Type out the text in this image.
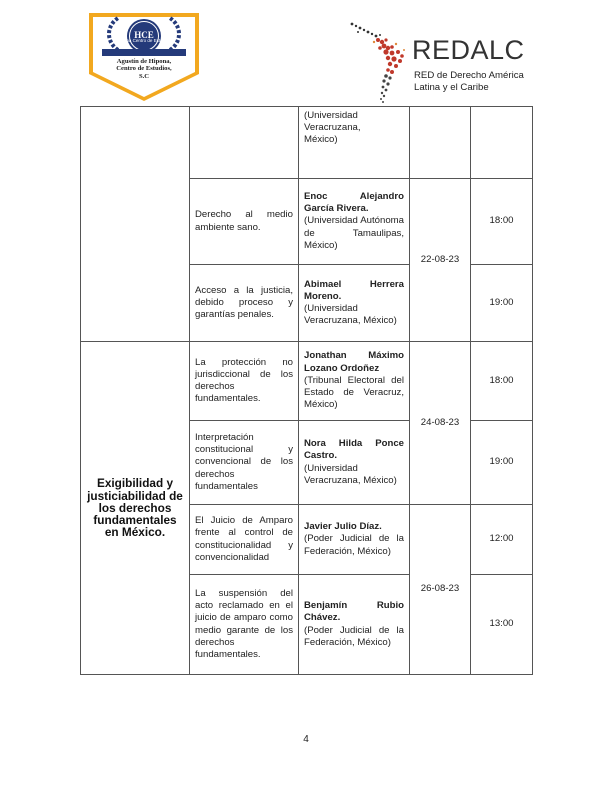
HCE
Hipona Centro de Estudios
Agustín de Hipona,
Centro de Estudios,
S.C
REDALC
RED de Derecho América
Latina y el Caribe

		(Universidad
Veracruzana,
México)		

	Derecho al medio ambiente sano.	Enoc Alejandro García Rivera.
(Universidad Autónoma de Tamaulipas, México)	22-08-23	18:00
	Acceso a la justicia, debido proceso y garantías penales.	Abimael Herrera Moreno.
(Universidad Veracruzana, México)		19:00
Exigibilidad y justiciabilidad de los derechos fundamentales en México.	La protección no jurisdiccional de los derechos fundamentales.	Jonathan Máximo Lozano Ordoñez
(Tribunal Electoral del Estado de Veracruz, México)	24-08-23	18:00
	Interpretación constitucional y convencional de los derechos fundamentales	Nora Hilda Ponce Castro.
(Universidad Veracruzana, México)		19:00
	El Juicio de Amparo frente al control de constitucionalidad y convencionalidad	Javier Julio Díaz.
(Poder Judicial de la Federación, México)	26-08-23	12:00
	La suspensión del acto reclamado en el juicio de amparo como medio garante de los derechos fundamentales.	Benjamín Rubio Chávez.
(Poder Judicial de la Federación, México)		13:00
4
